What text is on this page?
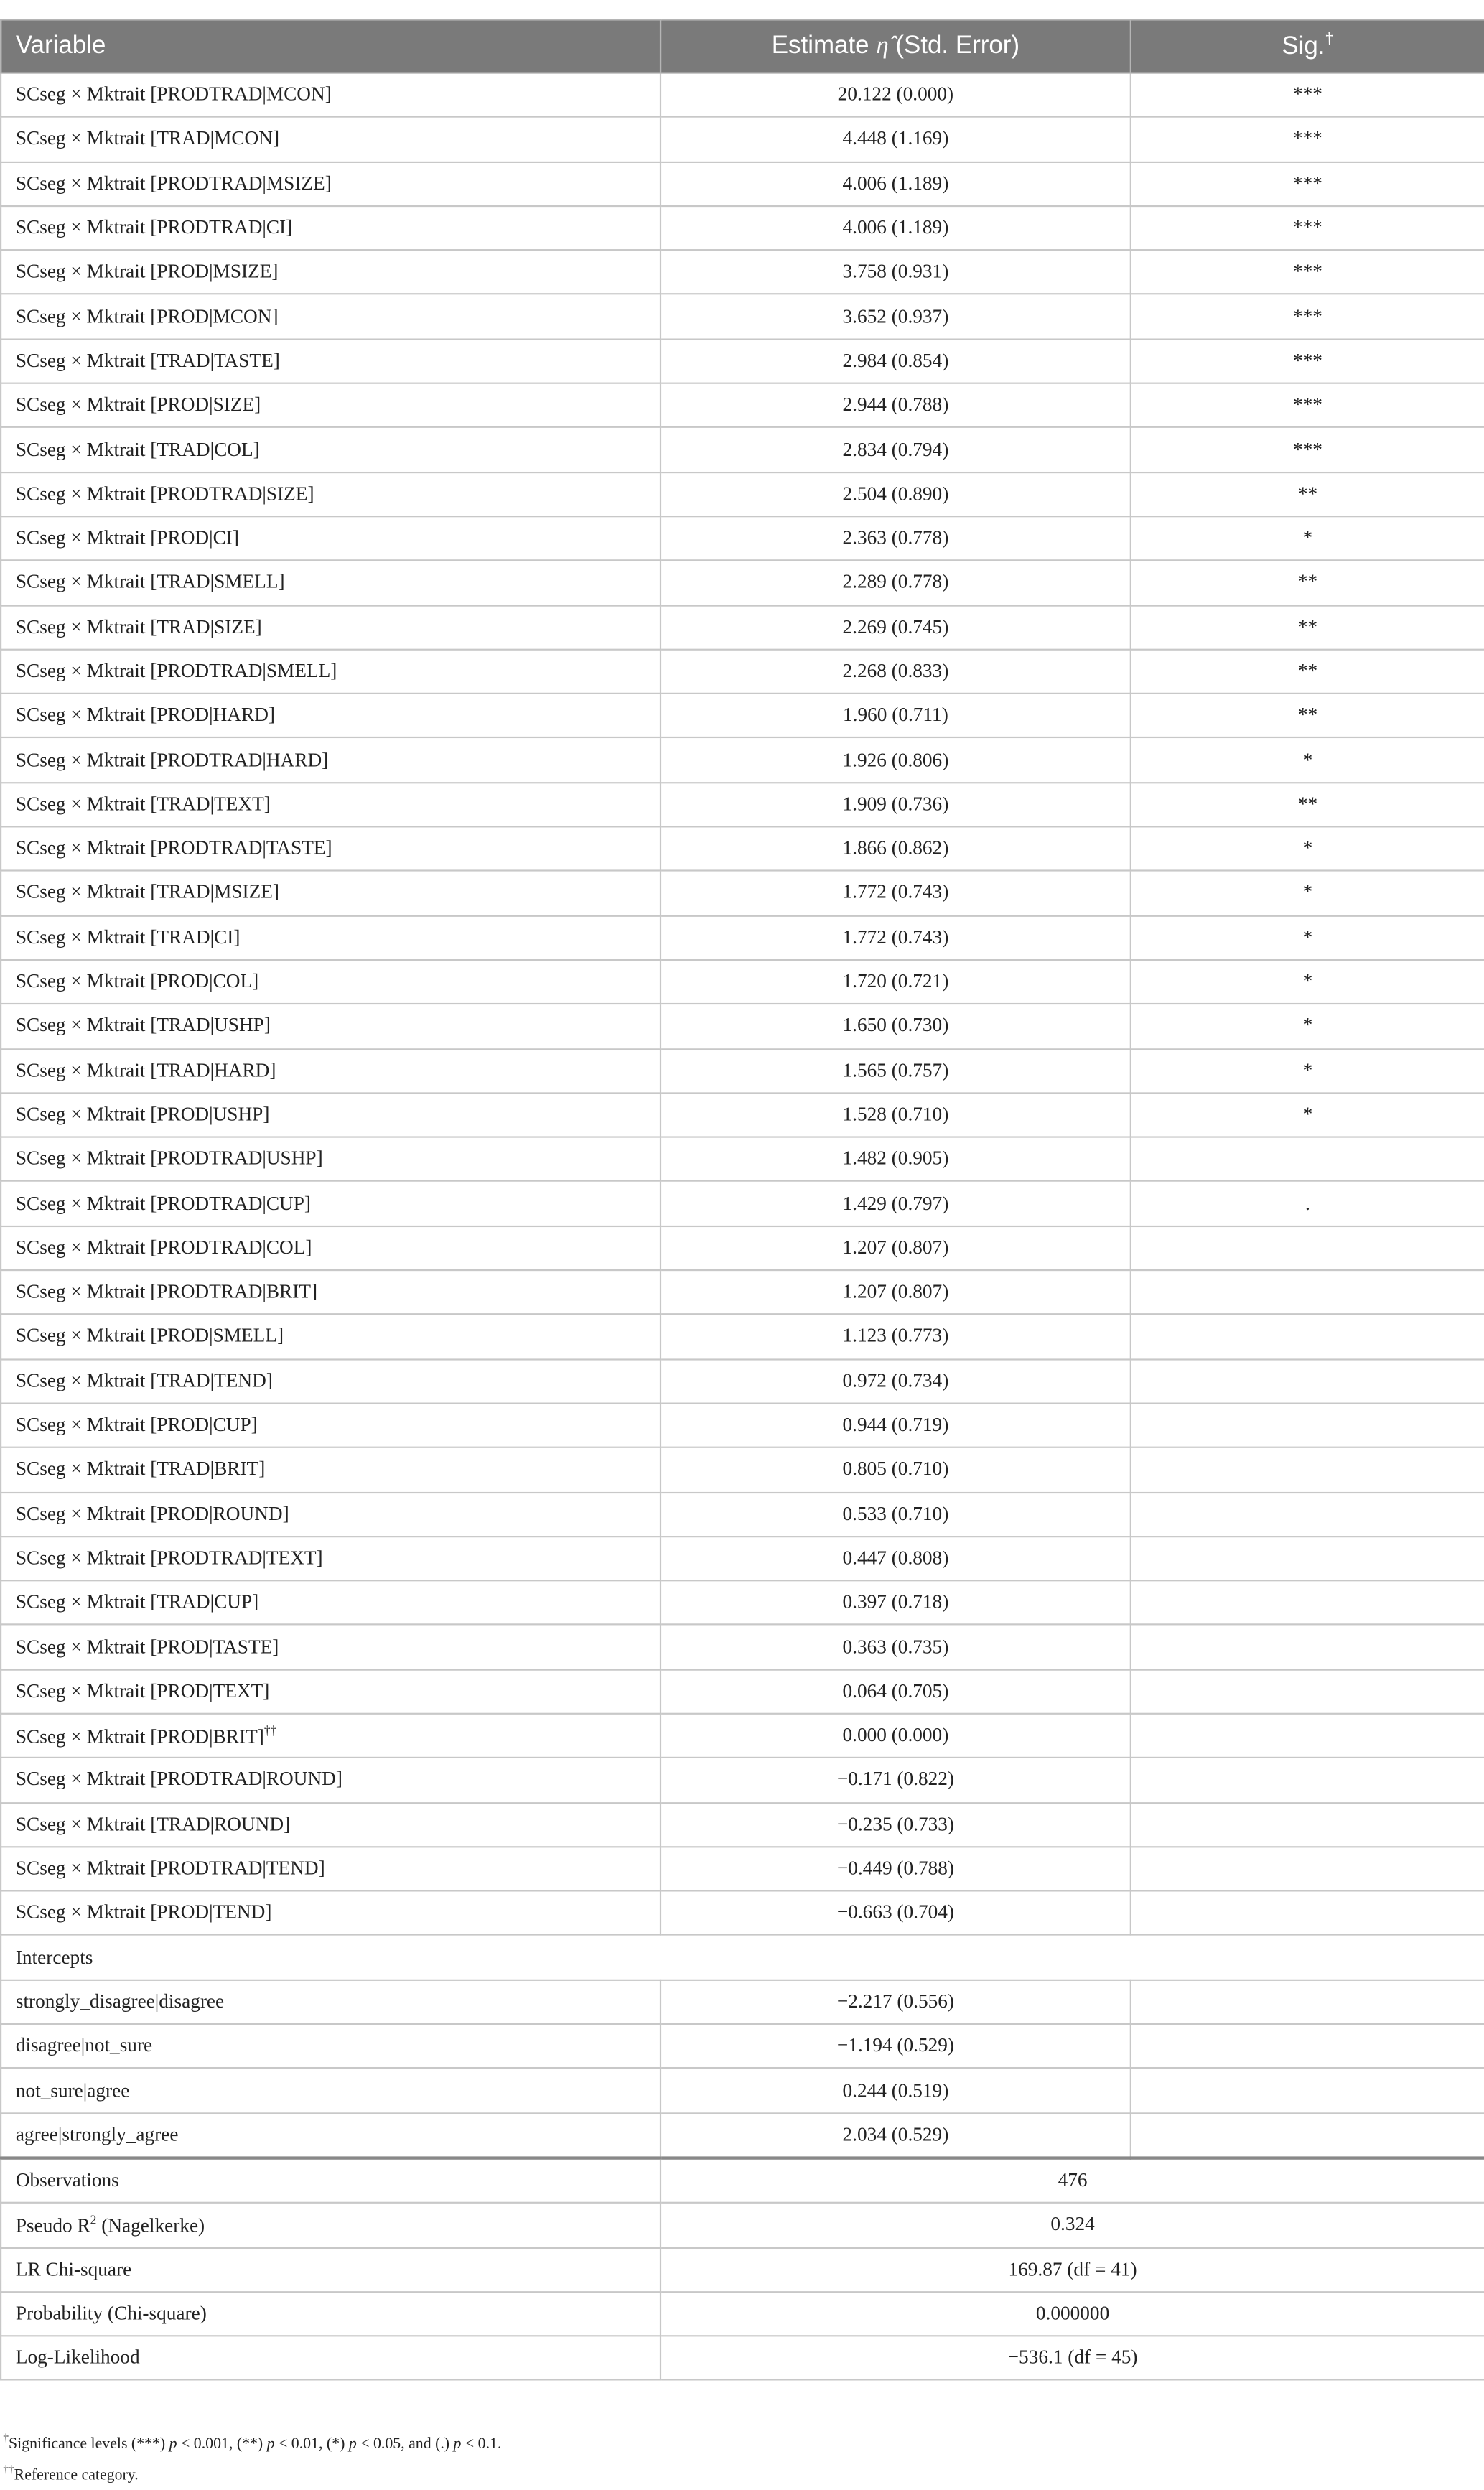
Variable	Estimate η̂ (Std. Error)	Sig.†
SCseg × Mktrait [PRODTRAD|MCON]	20.122 (0.000)	***
SCseg × Mktrait [TRAD|MCON]	4.448 (1.169)	***
SCseg × Mktrait [PRODTRAD|MSIZE]	4.006 (1.189)	***
SCseg × Mktrait [PRODTRAD|CI]	4.006 (1.189)	***
SCseg × Mktrait [PROD|MSIZE]	3.758 (0.931)	***
SCseg × Mktrait [PROD|MCON]	3.652 (0.937)	***
SCseg × Mktrait [TRAD|TASTE]	2.984 (0.854)	***
SCseg × Mktrait [PROD|SIZE]	2.944 (0.788)	***
SCseg × Mktrait [TRAD|COL]	2.834 (0.794)	***
SCseg × Mktrait [PRODTRAD|SIZE]	2.504 (0.890)	**
SCseg × Mktrait [PROD|CI]	2.363 (0.778)	*
SCseg × Mktrait [TRAD|SMELL]	2.289 (0.778)	**
SCseg × Mktrait [TRAD|SIZE]	2.269 (0.745)	**
SCseg × Mktrait [PRODTRAD|SMELL]	2.268 (0.833)	**
SCseg × Mktrait [PROD|HARD]	1.960 (0.711)	**
SCseg × Mktrait [PRODTRAD|HARD]	1.926 (0.806)	*
SCseg × Mktrait [TRAD|TEXT]	1.909 (0.736)	**
SCseg × Mktrait [PRODTRAD|TASTE]	1.866 (0.862)	*
SCseg × Mktrait [TRAD|MSIZE]	1.772 (0.743)	*
SCseg × Mktrait [TRAD|CI]	1.772 (0.743)	*
SCseg × Mktrait [PROD|COL]	1.720 (0.721)	*
SCseg × Mktrait [TRAD|USHP]	1.650 (0.730)	*
SCseg × Mktrait [TRAD|HARD]	1.565 (0.757)	*
SCseg × Mktrait [PROD|USHP]	1.528 (0.710)	*
SCseg × Mktrait [PRODTRAD|USHP]	1.482 (0.905)	
SCseg × Mktrait [PRODTRAD|CUP]	1.429 (0.797)	.
SCseg × Mktrait [PRODTRAD|COL]	1.207 (0.807)	
SCseg × Mktrait [PRODTRAD|BRIT]	1.207 (0.807)	
SCseg × Mktrait [PROD|SMELL]	1.123 (0.773)	
SCseg × Mktrait [TRAD|TEND]	0.972 (0.734)	
SCseg × Mktrait [PROD|CUP]	0.944 (0.719)	
SCseg × Mktrait [TRAD|BRIT]	0.805 (0.710)	
SCseg × Mktrait [PROD|ROUND]	0.533 (0.710)	
SCseg × Mktrait [PRODTRAD|TEXT]	0.447 (0.808)	
SCseg × Mktrait [TRAD|CUP]	0.397 (0.718)	
SCseg × Mktrait [PROD|TASTE]	0.363 (0.735)	
SCseg × Mktrait [PROD|TEXT]	0.064 (0.705)	
SCseg × Mktrait [PROD|BRIT]††	0.000 (0.000)	
SCseg × Mktrait [PRODTRAD|ROUND]	−0.171 (0.822)	
SCseg × Mktrait [TRAD|ROUND]	−0.235 (0.733)	
SCseg × Mktrait [PRODTRAD|TEND]	−0.449 (0.788)	
SCseg × Mktrait [PROD|TEND]	−0.663 (0.704)	
Intercepts		
strongly_disagree|disagree	−2.217 (0.556)	
disagree|not_sure	−1.194 (0.529)	
not_sure|agree	0.244 (0.519)	
agree|strongly_agree	2.034 (0.529)	
Observations	476	
Pseudo $R^2$ (Nagelkerke)	0.324	
LR Chi-square	169.87 (df = 41)	
Probability (Chi-square)	0.000000	
Log-Likelihood	−536.1 (df = 45)	
†Significance levels (***) p < 0.001, (**) p < 0.01, (*) p < 0.05, and (.) p < 0.1.
††Reference category.
